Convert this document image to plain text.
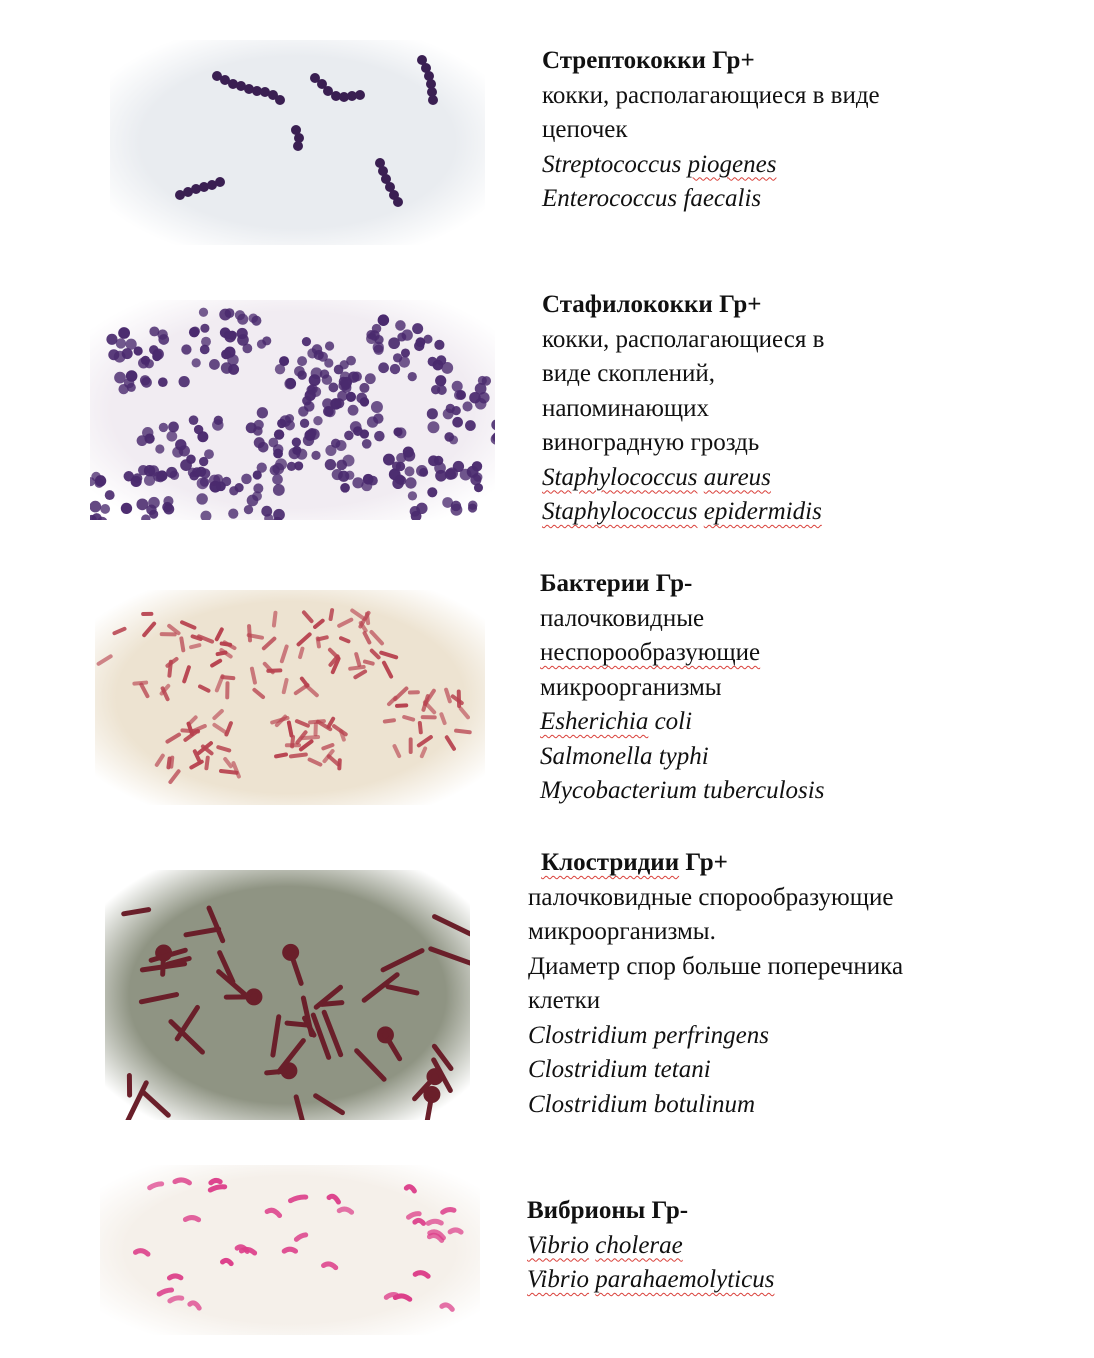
Стрептококки Гр+
кокки, располагающиеся в виде
цепочек
Streptococcus piogenes
Enterococcus faecalis
Стафилококки Гр+
кокки, располагающиеся в
виде скоплений,
напоминающих
виноградную гроздь
Staphylococcus aureus
Staphylococcus epidermidis
Бактерии Гр-
палочковидные
неспорообразующие
микроорганизмы
Esherichia coli
Salmonella typhi
Mycobacterium tuberculosis
Клостридии Гр+
палочковидные спорообразующие
микроорганизмы.
Диаметр спор больше поперечника
клетки
Clostridium perfringens
Clostridium tetani
Clostridium botulinum
Вибрионы Гр-
Vibrio cholerae
Vibrio parahaemolyticus
